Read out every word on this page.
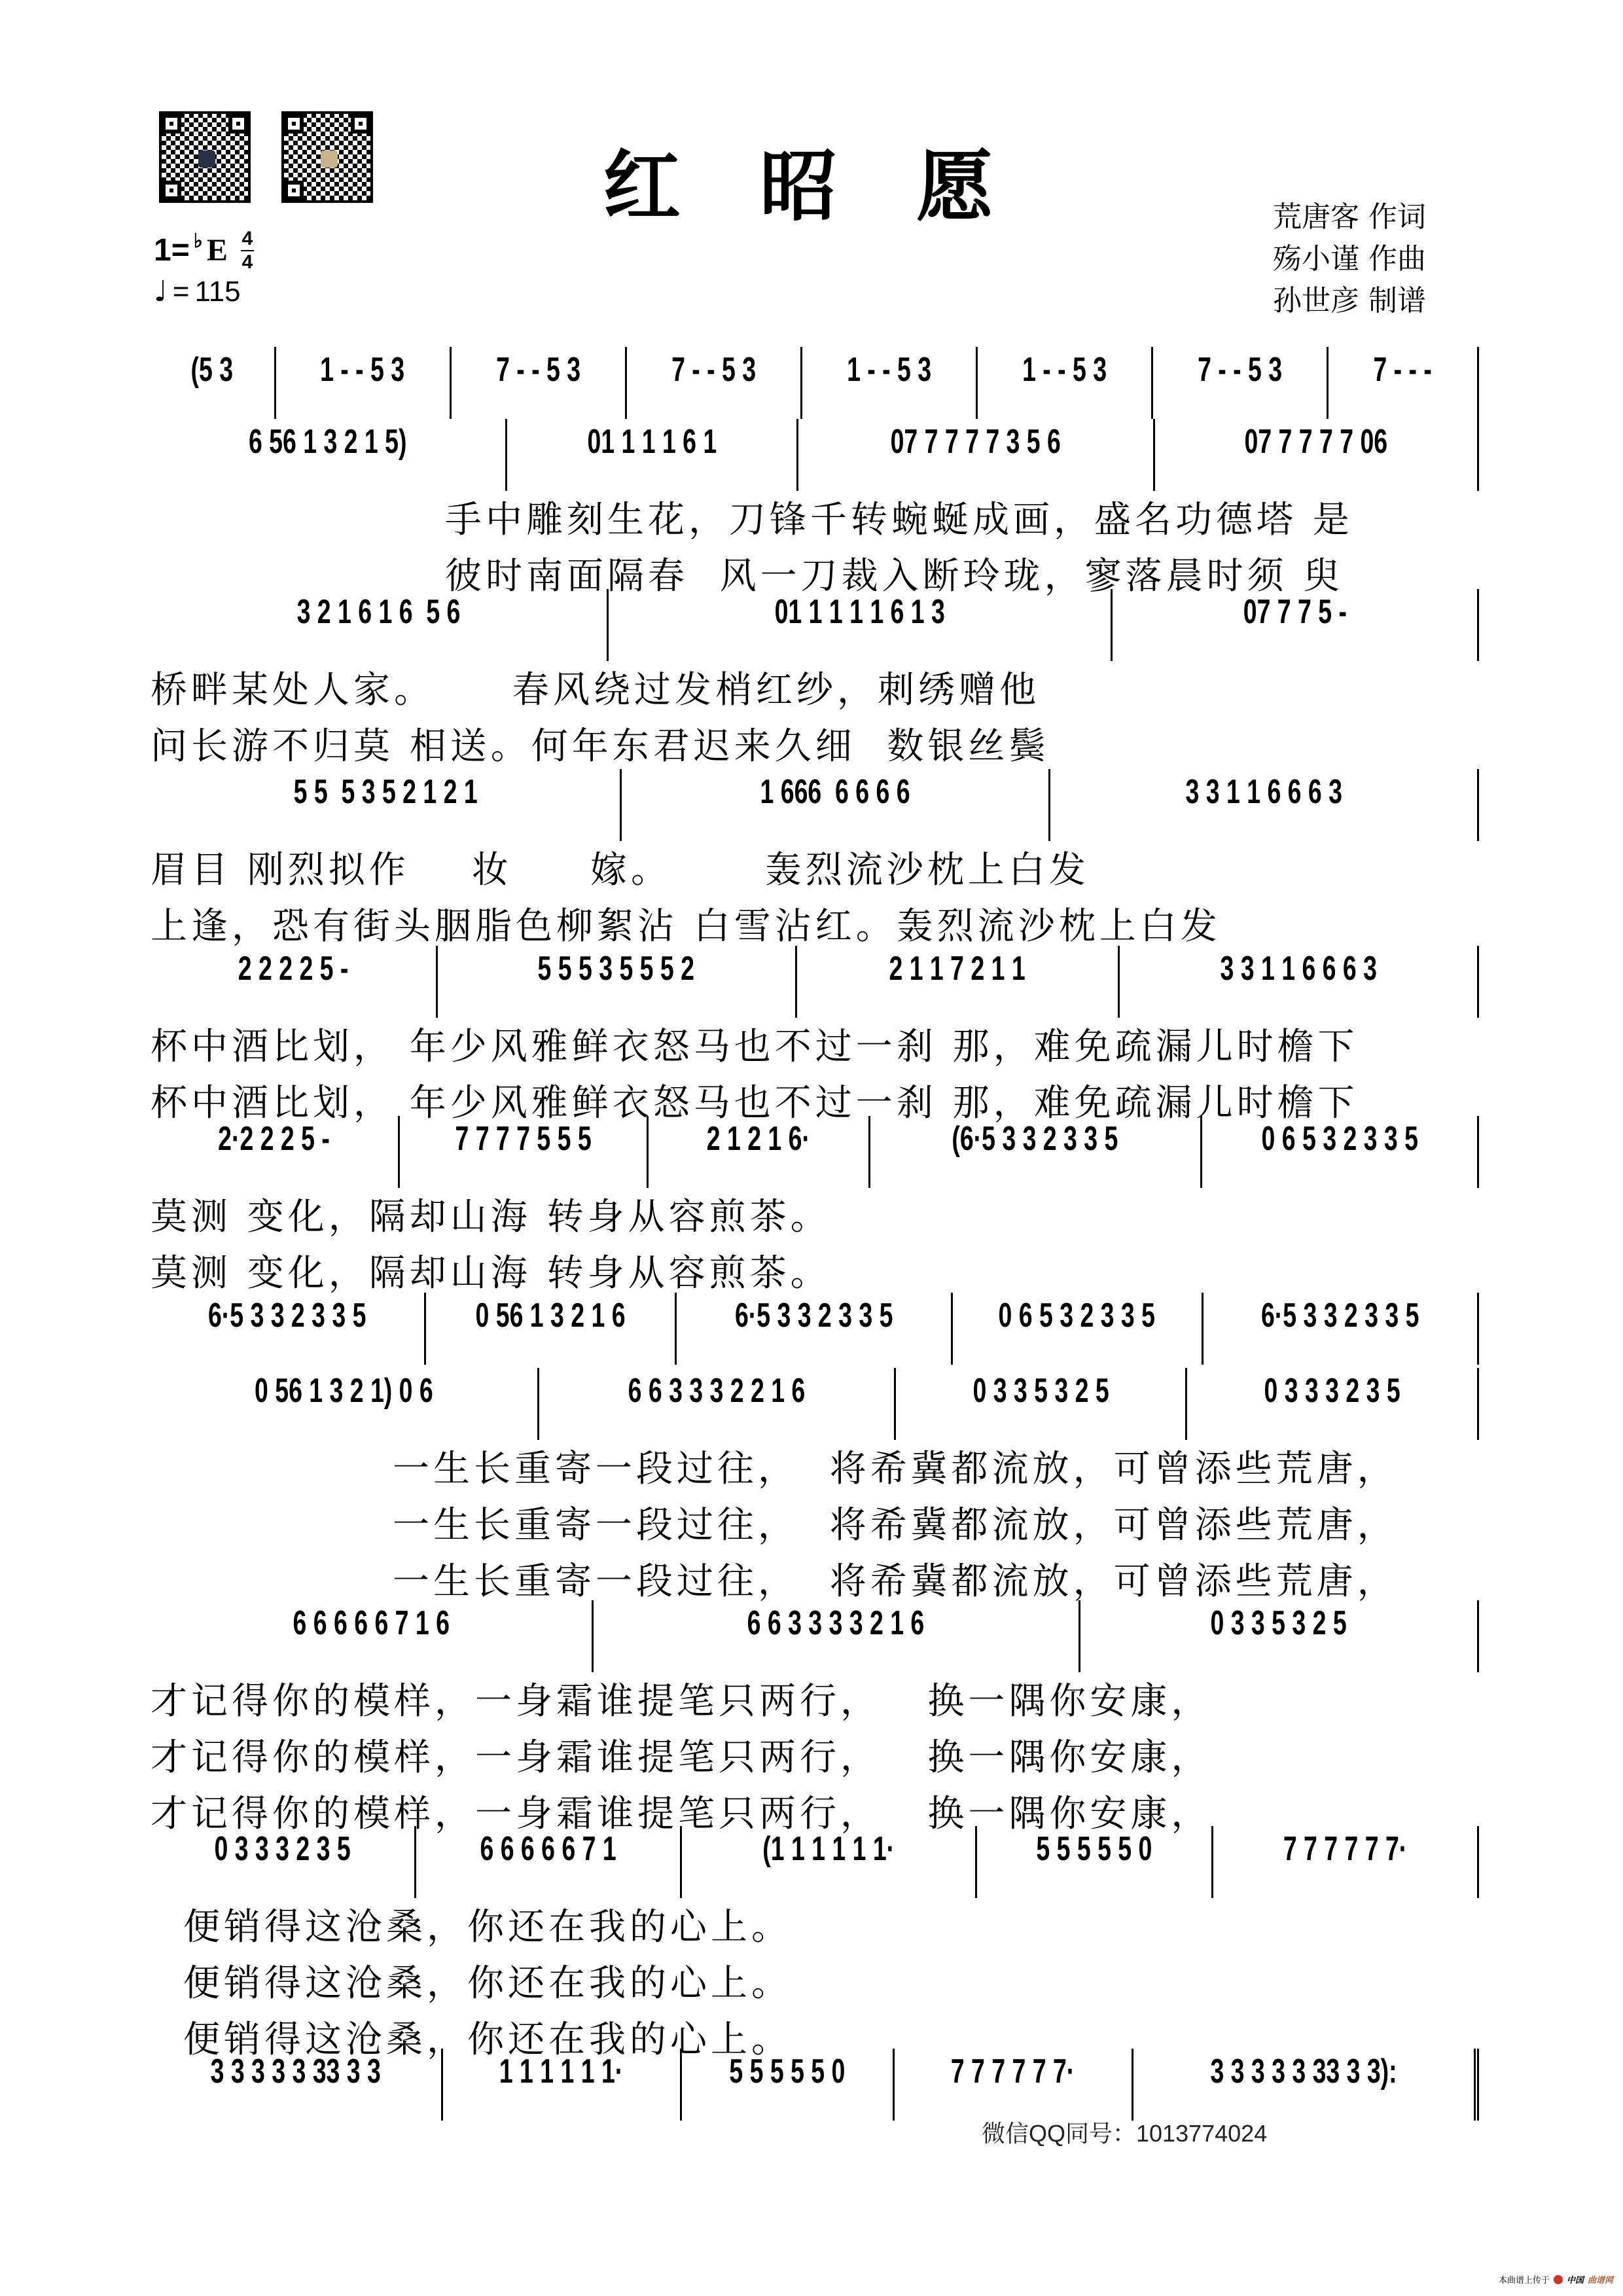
红 昭 愿
1= ♭ E 4
4
♩ = 115
荒唐客 作词
殇小谨 作曲
孙世彦 制谱
(5 3	1 - - 5 3	7 - - 5 3	7 - - 5 3	1 - - 5 3	1 - - 5 3	7 - - 5 3	7 - - -
6 56 1 3 2 1 5)	01 1 1 1 6 1	07 7 7 7 7 3 5 6	07 7 7 7 7 06
手中雕刻生花，刀锋千转蜿蜒成画，盛名功德塔 是
彼时南面隔春  风一刀裁入断玲珑，寥落晨时须 臾
3 2 1 6 1 6  5 6	01 1 1 1 1 6 1 3	07 7 7 5 -
桥畔某处人家。     春风绕过发梢红纱，刺绣赠他
问长游不归莫 相送。何年东君迟来久细  数银丝鬓
5 5  5 3 5 2 1 2 1	1 666  6 6 6 6	3 3 1 1 6 6 6 3
眉目 刚烈拟作    妆     嫁。      轰烈流沙枕上白发
上逢，恐有街头胭脂色柳絮沾 白雪沾红。轰烈流沙枕上白发
2 2 2 2 5 -	5 5 5 3 5 5 5 2	2 1 1 7 2 1 1	3 3 1 1 6 6 6 3
杯中酒比划， 年少风雅鲜衣怒马也不过一刹 那，难免疏漏儿时檐下
杯中酒比划， 年少风雅鲜衣怒马也不过一刹 那，难免疏漏儿时檐下
2·2 2 2 5 -	7 7 7 7 5 5 5	2 1 2 1 6·	(6·5 3 3 2 3 3 5	0 6 5 3 2 3 3 5
莫测 变化，隔却山海 转身从容煎茶。
莫测 变化，隔却山海 转身从容煎茶。
6·5 3 3 2 3 3 5	0 56 1 3 2 1 6	6·5 3 3 2 3 3 5	0 6 5 3 2 3 3 5	6·5 3 3 2 3 3 5
0 56 1 3 2 1) 0 6	6 6 3 3 3 2 2 1 6	0 3 3 5 3 2 5	0 3 3 3 2 3 5
一生长重寄一段过往，  将希冀都流放，可曾添些荒唐，
一生长重寄一段过往，  将希冀都流放，可曾添些荒唐，
一生长重寄一段过往，  将希冀都流放，可曾添些荒唐，
6 6 6 6 6 7 1 6	6 6 3 3 3 3 2 1 6	0 3 3 5 3 2 5
才记得你的模样，一身霜谁提笔只两行，   换一隅你安康，
才记得你的模样，一身霜谁提笔只两行，   换一隅你安康，
才记得你的模样，一身霜谁提笔只两行，   换一隅你安康，
0 3 3 3 2 3 5	6 6 6 6 6 7 1	(1 1 1 1 1 1·	5 5 5 5 5 0	7 7 7 7 7 7·
便销得这沧桑，你还在我的心上。
便销得这沧桑，你还在我的心上。
便销得这沧桑，你还在我的心上。
3 3 3 3 3 33 3 3	1 1 1 1 1 1·	5 5 5 5 5 0	7 7 7 7 7 7·	3 3 3 3 3 33 3 3):
微信QQ同号：1013774024
本曲谱上传于 中国 曲谱网
